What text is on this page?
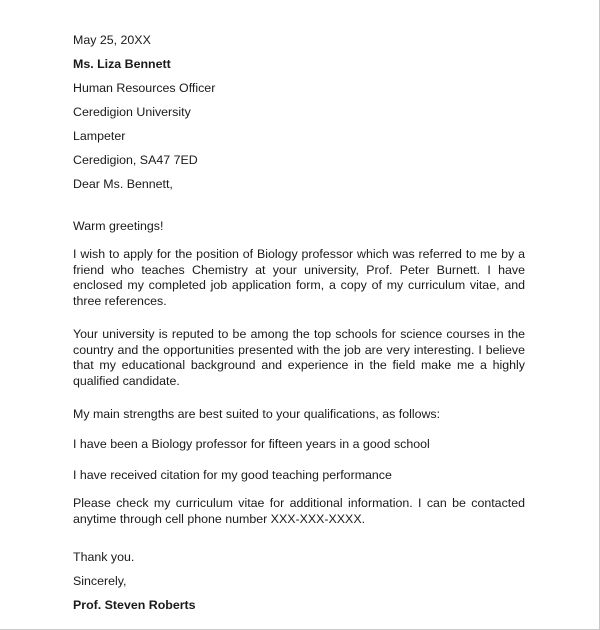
May 25, 20XX
Ms. Liza Bennett
Human Resources Officer
Ceredigion University
Lampeter
Ceredigion, SA47 7ED
Dear Ms. Bennett,
Warm greetings!
I wish to apply for the position of Biology professor which was referred to me by a friend who teaches Chemistry at your university, Prof. Peter Burnett. I have enclosed my completed job application form, a copy of my curriculum vitae, and three references.
Your university is reputed to be among the top schools for science courses in the country and the opportunities presented with the job are very interesting. I believe that my educational background and experience in the field make me a highly qualified candidate.
My main strengths are best suited to your qualifications, as follows:
I have been a Biology professor for fifteen years in a good school
I have received citation for my good teaching performance
Please check my curriculum vitae for additional information. I can be contacted anytime through cell phone number XXX-XXX-XXXX.
Thank you.
Sincerely,
Prof. Steven Roberts
